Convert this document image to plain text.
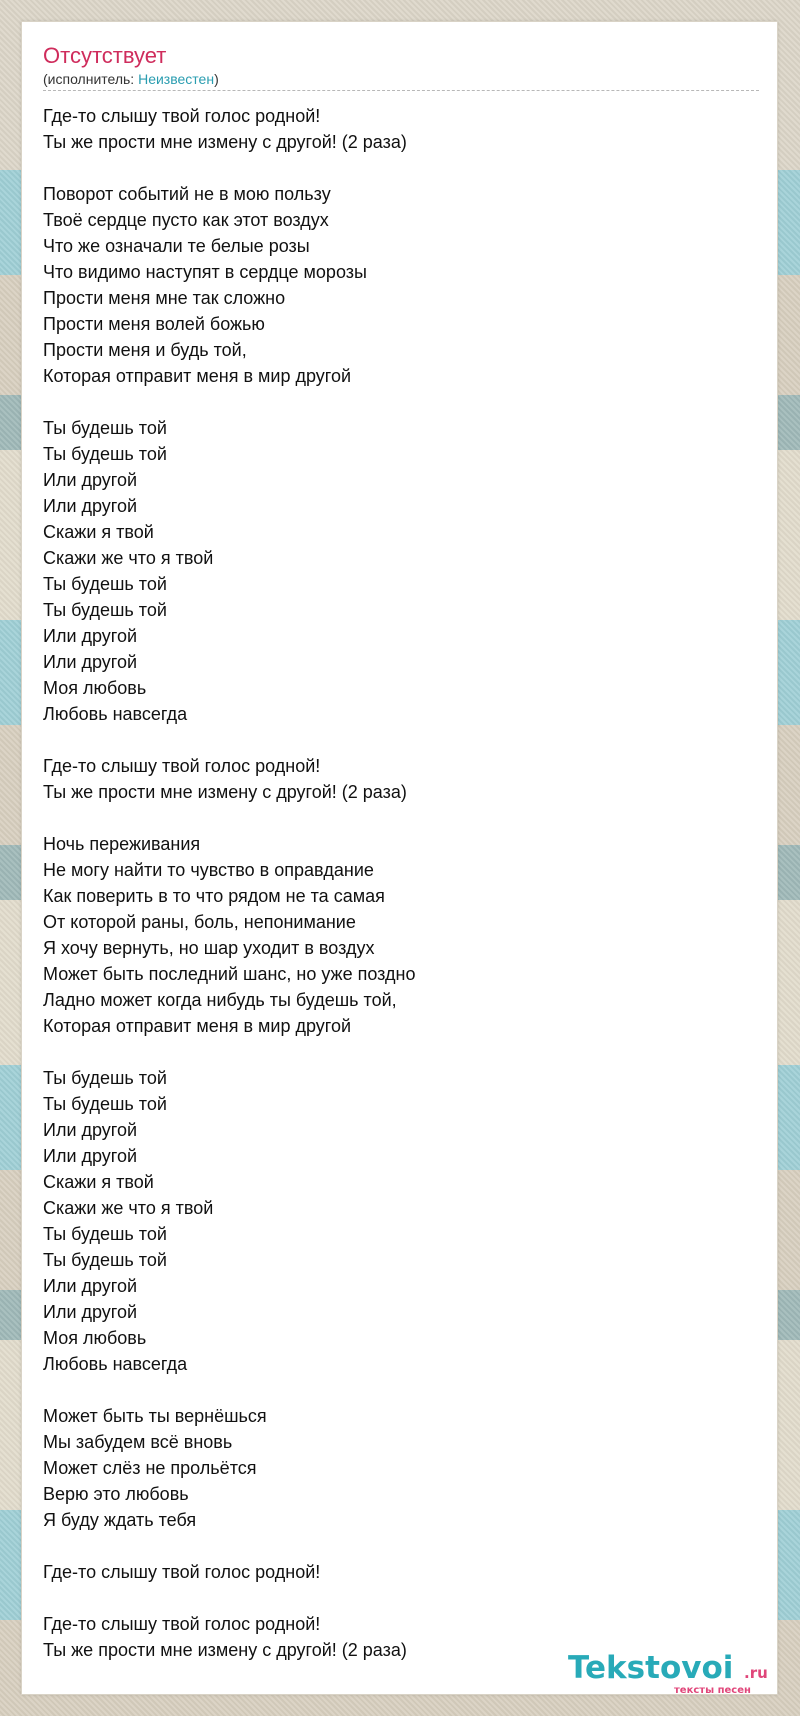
Отсутствует
(исполнитель: Неизвестен)
Где-то слышу твой голос родной!
Ты же прости мне измену с другой! (2 раза)
Поворот событий не в мою пользу
Твоё сердце пусто как этот воздух
Что же означали те белые розы
Что видимо наступят в сердце морозы
Прости меня мне так сложно
Прости меня волей божью
Прости меня и будь той,
Которая отправит меня в мир другой
Ты будешь той
Ты будешь той
Или другой
Или другой
Скажи я твой
Скажи же что я твой
Ты будешь той
Ты будешь той
Или другой
Или другой
Моя любовь
Любовь навсегда
Где-то слышу твой голос родной!
Ты же прости мне измену с другой! (2 раза)
Ночь переживания
Не могу найти то чувство в оправдание
Как поверить в то что рядом не та самая
От которой раны, боль, непонимание
Я хочу вернуть, но шар уходит в воздух
Может быть последний шанс, но уже поздно
Ладно может когда нибудь ты будешь той,
Которая отправит меня в мир другой
Ты будешь той
Ты будешь той
Или другой
Или другой
Скажи я твой
Скажи же что я твой
Ты будешь той
Ты будешь той
Или другой
Или другой
Моя любовь
Любовь навсегда
Может быть ты вернёшься
Мы забудем всё вновь
Может слёз не прольётся
Верю это любовь
Я буду ждать тебя
Где-то слышу твой голос родной!
Где-то слышу твой голос родной!
Ты же прости мне измену с другой! (2 раза)	Tekstovoi .ru
тексты песен
